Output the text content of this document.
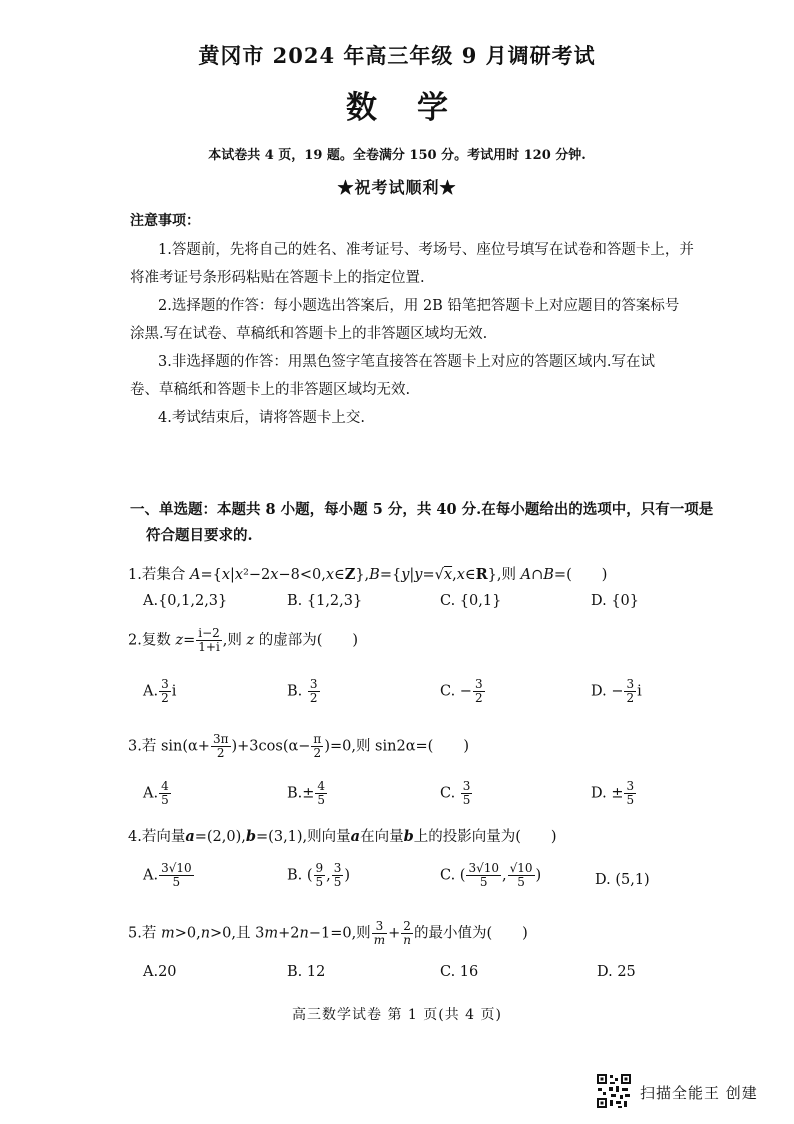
黄冈市 2024 年高三年级 9 月调研考试
数学
本试卷共 4 页，19 题。全卷满分 150 分。考试用时 120 分钟.
★祝考试顺利★
注意事项：

1.答题前，先将自己的姓名、准考证号、考场号、座位号填写在试卷和答题卡上，并

将准考证号条形码粘贴在答题卡上的指定位置.

2.选择题的作答：每小题选出答案后，用 2B 铅笔把答题卡上对应题目的答案标号

涂黑.写在试卷、草稿纸和答题卡上的非答题区域均无效.

3.非选择题的作答：用黑色签字笔直接答在答题卡上对应的答题区域内.写在试

卷、草稿纸和答题卡上的非答题区域均无效.

4.考试结束后，请将答题卡上交.

一、单选题：本题共 8 小题，每小题 5 分，共 40 分.在每小题给出的选项中，只有一项是
符合题目要求的.
1.若集合 A={x|x²−2x−8<0,x∈Z},B={y|y=√x,x∈R},则 A∩B=( )
A.{0,1,2,3}	B. {1,2,3}	C. {0,1}	D. {0}
2.复数 $z= \frac{i-2}{1+i}$ ,则 z 的虚部为( )
A. $\frac{3}{2}$ i	B. $\frac{3}{2}$	C. − $\frac{3}{2}$	D. − $\frac{3}{2}$ i
3.若 $\sin(\alpha+ \frac{3\pi}{2} )+3\cos(\alpha- \frac{\pi}{2} )=0$,则 sin2α=( )
A. $\frac{4}{5}$	$B.\pm \frac{4}{5}$	C. $\frac{3}{5}$	D. ± $\frac{3}{5}$
4.若向量a=(2,0),b=(3,1),则向量a在向量b上的投影向量为( )
A. $\frac{3√10}{5}$	B. ( $\frac{9}{5}$ , $\frac{3}{5}$ )	C. ( $\frac{3√10}{5}$ , $\frac{√10}{5}$ )	D. (5,1)
5.若 m>0,n>0,且 3m+2n−1=0,则 $\frac{3}{m} + \frac{2}{n}$ 的最小值为( )
A.20	B. 12	C. 16	D. 25
高三数学试卷 第 1 页(共 4 页)
扫描全能王 创建
